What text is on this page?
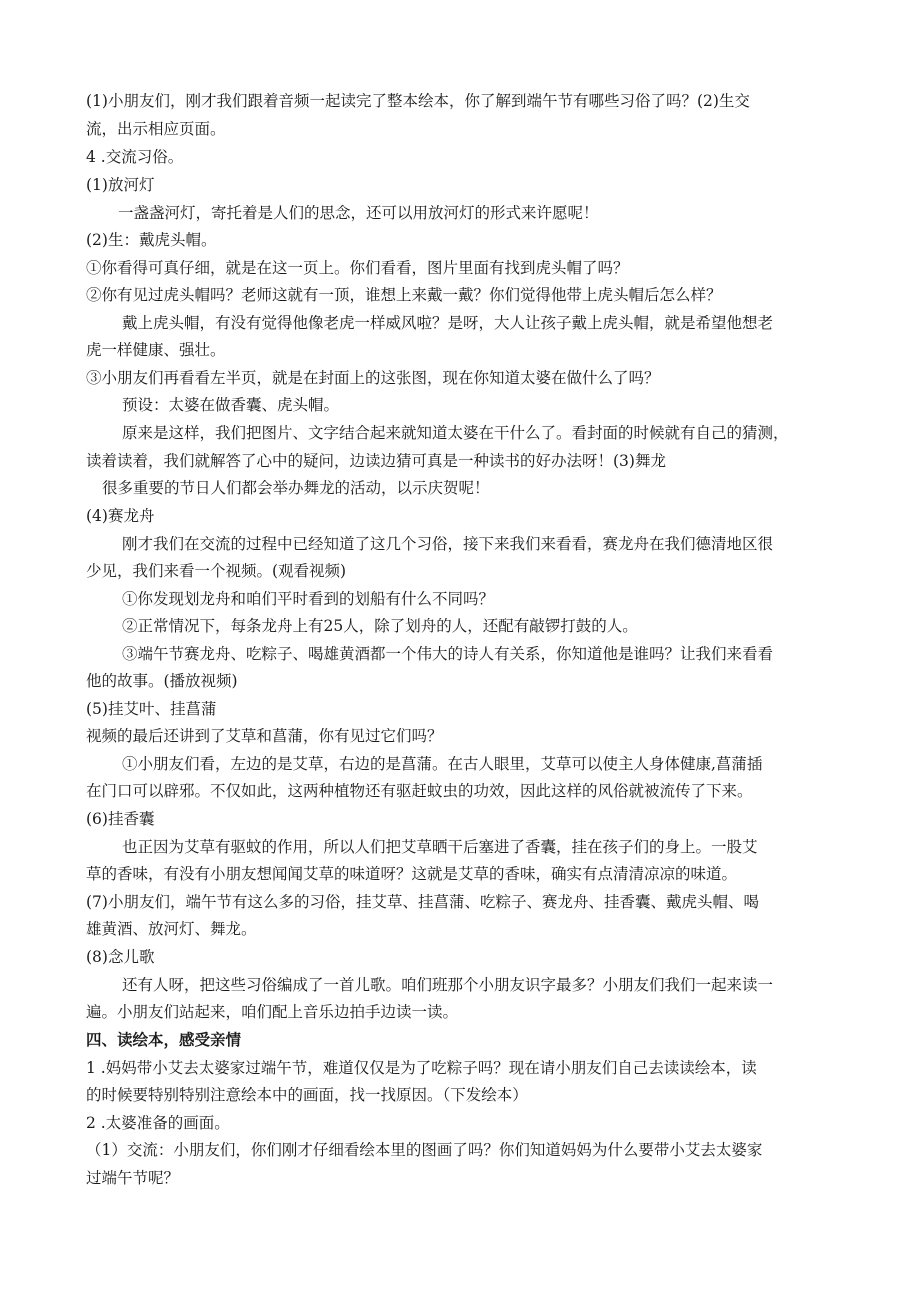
(1)小朋友们，刚才我们跟着音频一起读完了整本绘本，你了解到端午节有哪些习俗了吗？(2)生交
流，出示相应页面。
4 .交流习俗。
(1)放河灯
一盏盏河灯，寄托着是人们的思念，还可以用放河灯的形式来许愿呢！
(2)生：戴虎头帽。
①你看得可真仔细，就是在这一页上。你们看看，图片里面有找到虎头帽了吗？
②你有见过虎头帽吗？老师这就有一顶，谁想上来戴一戴？你们觉得他带上虎头帽后怎么样？
戴上虎头帽，有没有觉得他像老虎一样威风啦？是呀，大人让孩子戴上虎头帽，就是希望他想老
虎一样健康、强壮。
③小朋友们再看看左半页，就是在封面上的这张图，现在你知道太婆在做什么了吗？
预设：太婆在做香囊、虎头帽。
原来是这样，我们把图片、文字结合起来就知道太婆在干什么了。看封面的时候就有自己的猜测，
读着读着，我们就解答了心中的疑问，边读边猜可真是一种读书的好办法呀！(3)舞龙
很多重要的节日人们都会举办舞龙的活动，以示庆贺呢！
(4)赛龙舟
刚才我们在交流的过程中已经知道了这几个习俗，接下来我们来看看，赛龙舟在我们德清地区很
少见，我们来看一个视频。(观看视频)
①你发现划龙舟和咱们平时看到的划船有什么不同吗？
②正常情况下，每条龙舟上有25人，除了划舟的人，还配有敲锣打鼓的人。
③端午节赛龙舟、吃粽子、喝雄黄酒都一个伟大的诗人有关系，你知道他是谁吗？让我们来看看
他的故事。(播放视频)
(5)挂艾叶、挂菖蒲
视频的最后还讲到了艾草和菖蒲，你有见过它们吗？
①小朋友们看，左边的是艾草，右边的是菖蒲。在古人眼里，艾草可以使主人身体健康,菖蒲插
在门口可以辟邪。不仅如此，这两种植物还有驱赶蚊虫的功效，因此这样的风俗就被流传了下来。
(6)挂香囊
也正因为艾草有驱蚊的作用，所以人们把艾草晒干后塞进了香囊，挂在孩子们的身上。一股艾
草的香味，有没有小朋友想闻闻艾草的味道呀？这就是艾草的香味，确实有点清清凉凉的味道。
(7)小朋友们，端午节有这么多的习俗，挂艾草、挂菖蒲、吃粽子、赛龙舟、挂香囊、戴虎头帽、喝
雄黄酒、放河灯、舞龙。
(8)念儿歌
还有人呀，把这些习俗编成了一首儿歌。咱们班那个小朋友识字最多？小朋友们我们一起来读一
遍。小朋友们站起来，咱们配上音乐边拍手边读一读。
四、读绘本，感受亲情
1 .妈妈带小艾去太婆家过端午节，难道仅仅是为了吃粽子吗？现在请小朋友们自己去读读绘本，读
的时候要特别特别注意绘本中的画面，找一找原因。（下发绘本）
2 .太婆准备的画面。
（1）交流：小朋友们，你们刚才仔细看绘本里的图画了吗？你们知道妈妈为什么要带小艾去太婆家
过端午节呢？
